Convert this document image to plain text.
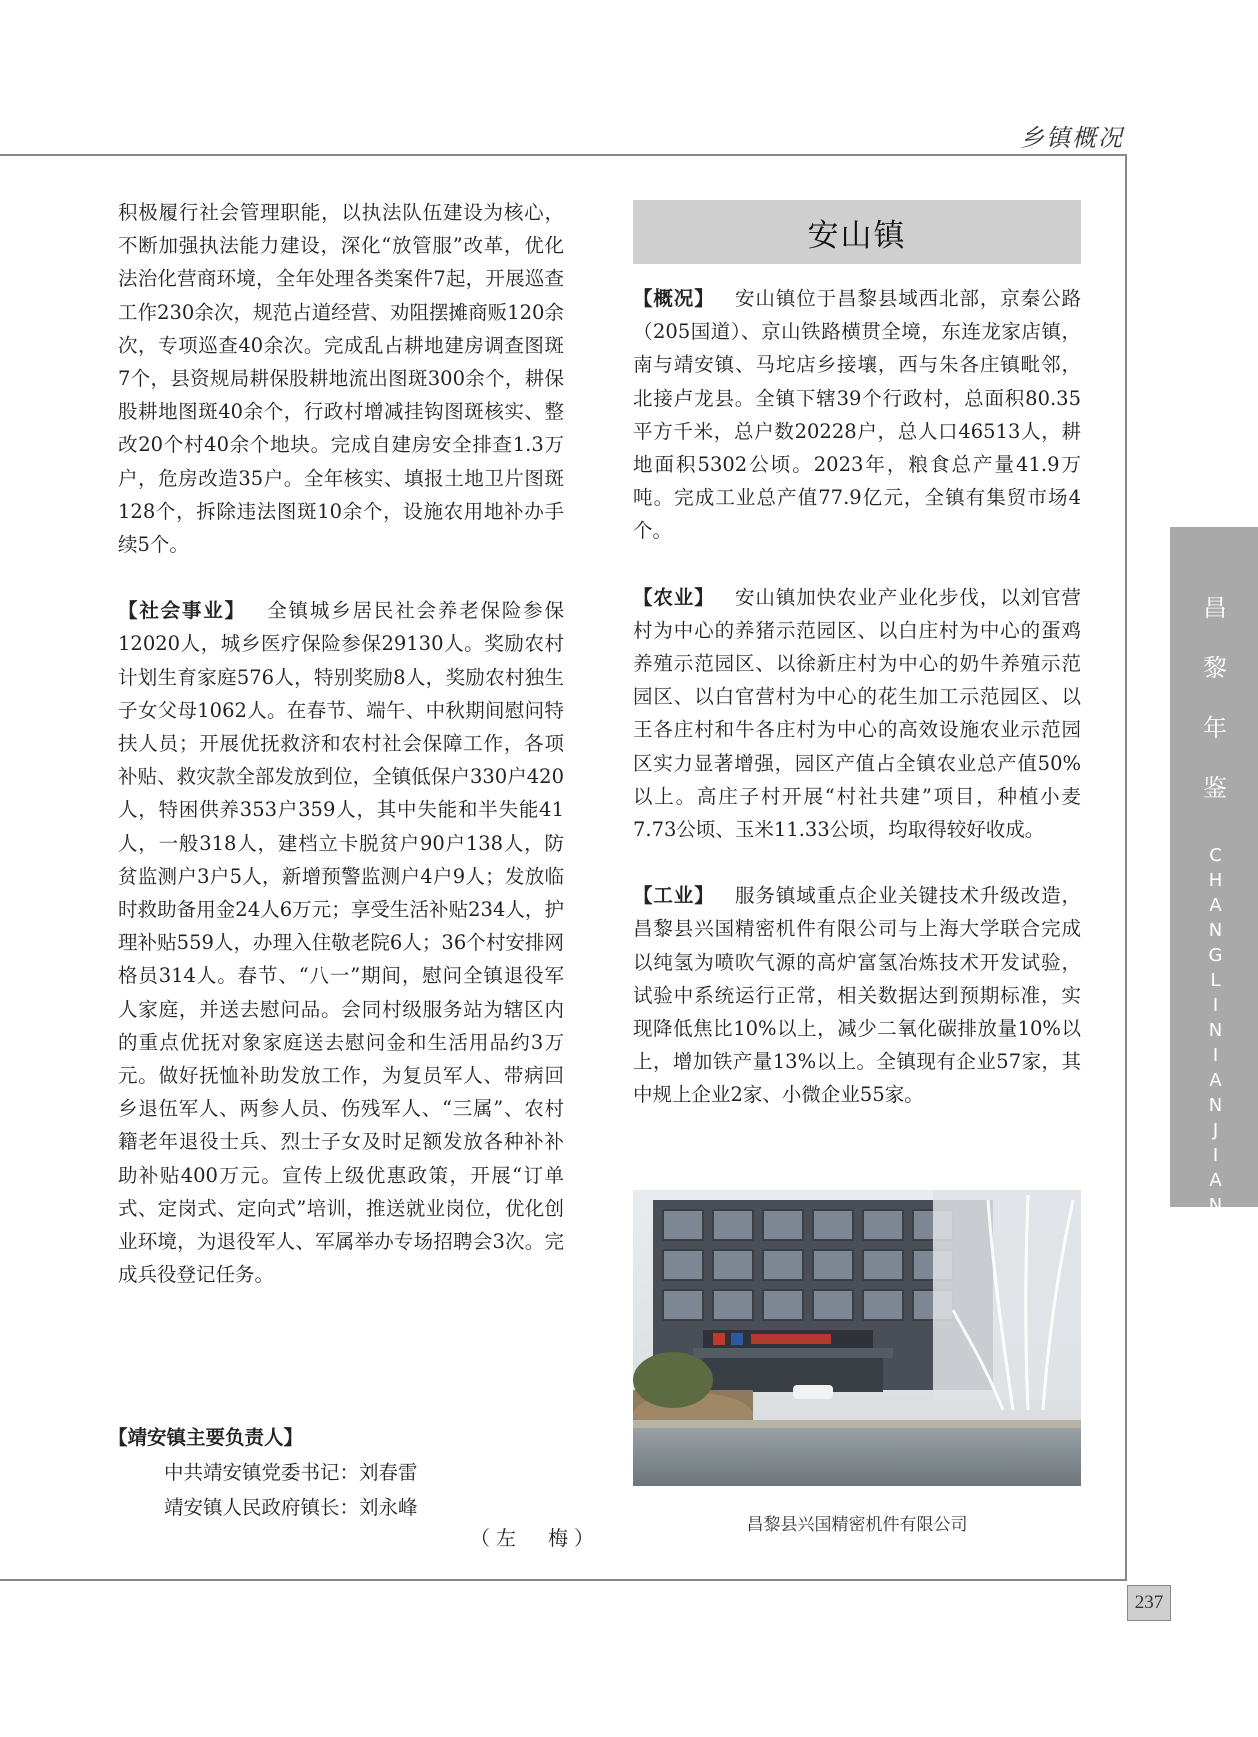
乡镇概况

积极履行社会管理职能，以执法队伍建设为核心，不断加强执法能力建设，深化“放管服”改革，优化法治化营商环境，全年处理各类案件7起，开展巡查工作230余次，规范占道经营、劝阻摆摊商贩120余次，专项巡查40余次。完成乱占耕地建房调查图斑7个，县资规局耕保股耕地流出图斑300余个，耕保股耕地图斑40余个，行政村增减挂钩图斑核实、整改20个村40余个地块。完成自建房安全排查1.3万户，危房改造35户。全年核实、填报土地卫片图斑128个，拆除违法图斑10余个，设施农用地补办手续5个。

【社会事业】  全镇城乡居民社会养老保险参保12020人，城乡医疗保险参保29130人。奖励农村计划生育家庭576人，特别奖励8人，奖励农村独生子女父母1062人。在春节、端午、中秋期间慰问特扶人员；开展优抚救济和农村社会保障工作，各项补贴、救灾款全部发放到位，全镇低保户330户420人，特困供养353户359人，其中失能和半失能41人，一般318人，建档立卡脱贫户90户138人，防贫监测户3户5人，新增预警监测户4户9人；发放临时救助备用金24人6万元；享受生活补贴234人，护理补贴559人，办理入住敬老院6人；36个村安排网格员314人。春节、“八一”期间，慰问全镇退役军人家庭，并送去慰问品。会同村级服务站为辖区内的重点优抚对象家庭送去慰问金和生活用品约3万元。做好抚恤补助发放工作，为复员军人、带病回乡退伍军人、两参人员、伤残军人、“三属”、农村籍老年退役士兵、烈士子女及时足额发放各种补补助补贴400万元。宣传上级优惠政策，开展“订单式、定岗式、定向式”培训，推送就业岗位，优化创业环境，为退役军人、军属举办专场招聘会3次。完成兵役登记任务。

【靖安镇主要负责人】
中共靖安镇党委书记：刘春雷
靖安镇人民政府镇长：刘永峰
（左　梅）
安山镇

【概况】  安山镇位于昌黎县域西北部，京秦公路（205国道）、京山铁路横贯全境，东连龙家店镇，南与靖安镇、马坨店乡接壤，西与朱各庄镇毗邻，北接卢龙县。全镇下辖39个行政村，总面积80.35平方千米，总户数20228户，总人口46513人，耕地面积5302公顷。2023年，粮食总产量41.9万吨。完成工业总产值77.9亿元，全镇有集贸市场4个。

【农业】  安山镇加快农业产业化步伐，以刘官营村为中心的养猪示范园区、以白庄村为中心的蛋鸡养殖示范园区、以徐新庄村为中心的奶牛养殖示范园区、以白官营村为中心的花生加工示范园区、以王各庄村和牛各庄村为中心的高效设施农业示范园区实力显著增强，园区产值占全镇农业总产值50%以上。高庄子村开展“村社共建”项目，种植小麦7.73公顷、玉米11.33公顷，均取得较好收成。

【工业】  服务镇域重点企业关键技术升级改造，昌黎县兴国精密机件有限公司与上海大学联合完成以纯氢为喷吹气源的高炉富氢冶炼技术开发试验，试验中系统运行正常，相关数据达到预期标准，实现降低焦比10%以上，减少二氧化碳排放量10%以上，增加铁产量13%以上。全镇现有企业57家，其中规上企业2家、小微企业55家。

昌黎县兴国精密机件有限公司
昌
黎
年
鉴
CHANGLINIANJIAN
237
